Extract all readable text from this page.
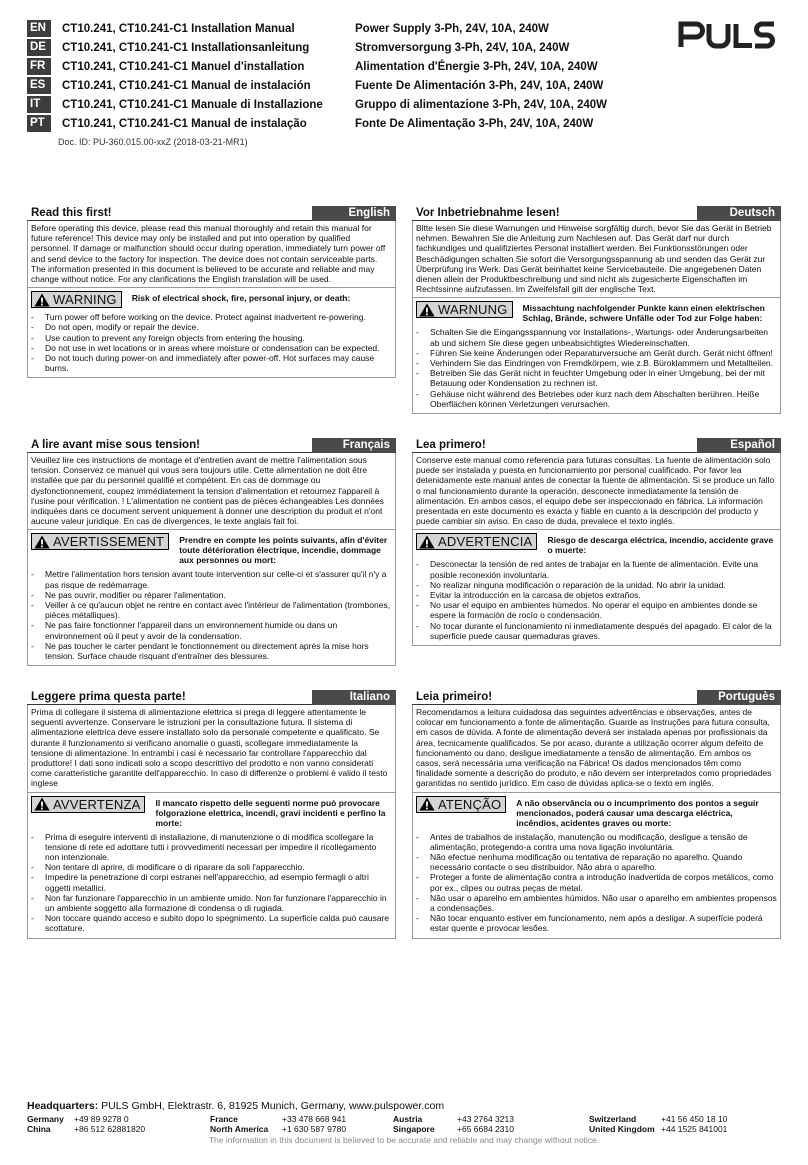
EN	CT10.241, CT10.241-C1 Installation Manual	Power Supply 3-Ph, 24V, 10A, 240W
DE	CT10.241, CT10.241-C1 Installationsanleitung	Stromversorgung 3-Ph, 24V, 10A, 240W
FR	CT10.241, CT10.241-C1 Manuel d'installation	Alimentation d'Énergie 3-Ph, 24V, 10A, 240W
ES	CT10.241, CT10.241-C1 Manual de instalación	Fuente De Alimentación 3-Ph, 24V, 10A, 240W
IT	CT10.241, CT10.241-C1 Manuale di Installazione	Gruppo di alimentazione 3-Ph, 24V, 10A, 240W
PT	CT10.241, CT10.241-C1 Manual de instalação	Fonte De Alimentação 3-Ph, 24V, 10A, 240W
Doc. ID: PU-360.015.00-xxZ (2018-03-21-MR1)
Read this first!	English
Before operating this device, please read this manual thoroughly and retain this manual for future reference! This device may only be installed and put into operation by qualified personnel. If damage or malfunction should occur during operation, immediately turn power off and send device to the factory for inspection. The device does not contain serviceable parts. The information presented in this document is believed to be accurate and reliable and may change without notice. For any clarifications the English translation will be used.
WARNING Risk of electrical shock, fire, personal injury, or death:
-	Turn power off before working on the device. Protect against inadvertent re-powering.
-	Do not open, modify or repair the device.
-	Use caution to prevent any foreign objects from entering the housing.
-	Do not use in wet locations or in areas where moisture or condensation can be expected.
-	Do not touch during power-on and immediately after power-off. Hot surfaces may cause burns.
Vor Inbetriebnahme lesen!	Deutsch
Bitte lesen Sie diese Warnungen und Hinweise sorgfältig durch, bevor Sie das Gerät in Betrieb nehmen. Bewahren Sie die Anleitung zum Nachlesen auf. Das Gerät darf nur durch fachkundiges und qualifiziertes Personal installiert werden. Bei Funktionsstörungen oder Beschädigungen schalten Sie sofort die Versorgungsspannung ab und senden das Gerät zur Überprüfung ins Werk. Das Gerät beinhaltet keine Servicebauteile. Die angegebenen Daten dienen allein der Produktbeschreibung und sind nicht als zugesicherte Eigenschaften im Rechtssinne aufzufassen. Im Zweifelsfall gilt der englische Text.
WARNUNG Missachtung nachfolgender Punkte kann einen elektrischen Schlag, Brände, schwere Unfälle oder Tod zur Folge haben:
-	Schalten Sie die Eingangsspannung vor Installations-, Wartungs- oder Änderungsarbeiten ab und sichern Sie diese gegen unbeabsichtigtes Wiedereinschalten.
-	Führen Sie keine Änderungen oder Reparaturversuche am Gerät durch. Gerät nicht öffnen!
-	Verhindern Sie das Eindringen von Fremdkörpern, wie z.B. Büroklammern und Metallteilen.
-	Betreiben Sie das Gerät nicht in feuchter Umgebung oder in einer Umgebung, bei der mit Betauung oder Kondensation zu rechnen ist.
-	Gehäuse nicht während des Betriebes oder kurz nach dem Abschalten berühren. Heiße Oberflächen können Verletzungen verursachen.
A lire avant mise sous tension!	Français
Veuillez lire ces instructions de montage et d'entretien avant de mettre l'alimentation sous tension. Conservez ce manuel qui vous sera toujours utile. Cette alimentation ne doit être installée que par du personnel qualifié et compétent. En cas de dommage ou dysfonctionnement, coupez immédiatement la tension d'alimentation et retournez l'appareil à l'usine pour vérification. ! L'alimentation ne contient pas de pièces échangeables Les données indiquées dans ce document servent uniquement à donner une description du produit et n'ont aucune valeur juridique. En cas de divergences, le texte anglais fait foi.
AVERTISSEMENT Prendre en compte les points suivants, afin d'éviter toute détérioration électrique, incendie, dommage aux personnes ou mort:
-	Mettre l'alimentation hors tension avant toute intervention sur celle-ci et s'assurer qu'il n'y a pas risque de redémarrage.
-	Ne pas ouvrir, modifier ou réparer l'alimentation.
-	Veiller à ce qu'aucun objet ne rentre en contact avec l'intérieur de l'alimentation (trombones, pièces métalliques).
-	Ne pas faire fonctionner l'appareil dans un environnement humide ou dans un environnement où il peut y avoir de la condensation.
-	Ne pas toucher le carter pendant le fonctionnement ou directement après la mise hors tension. Surface chaude risquant d'entraîner des blessures.
Lea primero!	Español
Conserve este manual como referencia para futuras consultas. La fuente de alimentación solo puede ser instalada y puesta en funcionamiento por personal cualificado. Por favor lea detenidamente este manual antes de conectar la fuente de alimentación. Si se produce un fallo o mal funcionamiento durante la operación, desconecte inmediatamente la tensión de alimentación. En ambos casos, el equipo debe ser inspeccionado en fábrica. La información presentada en este documento es exacta y fiable en cuanto a la descripción del producto y puede cambiar sin aviso. En caso de duda, prevalece el texto inglés.
ADVERTENCIA Riesgo de descarga eléctrica, incendio, accidente grave o muerte:
-	Desconectar la tensión de red antes de trabajar en la fuente de alimentación. Evite una posible reconexión involuntaria.
-	No realizar ninguna modificación o reparación de la unidad. No abrir la unidad.
-	Evitar la introducción en la carcasa de objetos extraños.
-	No usar el equipo en ambientes húmedos. No operar el equipo en ambientes donde se espere la formación de rocío o condensación.
-	No tocar durante el funcionamiento ni inmediatamente después del apagado. El calor de la superficie puede causar quemaduras graves.
Leggere prima questa parte!	Italiano
Prima di collegare il sistema di alimentazione elettrica si prega di leggere attentamente le seguenti avvertenze. Conservare le istruzioni per la consultazione futura. Il sistema di alimentazione elettrica deve essere installato solo da personale competente e qualificato. Se durante il funzionamento si verificano anomalie o guasti, scollegare immediatamente la tensione di alimentazione. In entrambi i casi è necessario far controllare l'apparecchio dal produttore! I dati sono indicati solo a scopo descrittivo del prodotto e non vanno considerati come caratteristiche garantite dell'apparecchio. In caso di differenze o problemi è valido il testo inglese
AVVERTENZA Il mancato rispetto delle seguenti norme può provocare folgorazione elettrica, incendi, gravi incidenti e perfino la morte:
-	Prima di eseguire interventi di installazione, di manutenzione o di modifica scollegare la tensione di rete ed adottare tutti i provvedimenti necessari per impedire il ricollegamento non intenzionale.
-	Non tentare di aprire, di modificare o di riparare da soli l'apparecchio.
-	Impedire la penetrazione di corpi estranei nell'apparecchio, ad esempio fermagli o altri oggetti metallici.
-	Non far funzionare l'apparecchio in un ambiente umido. Non far funzionare l'apparecchio in un ambiente soggetto alla formazione di condensa o di rugiada.
-	Non toccare quando acceso e subito dopo lo spegnimento. La superficie calda può causare scottature.
Leia primeiro!	Portuguès
Recomendamos a leitura cuidadosa das seguintes advertências e observações, antes de colocar em funcionamento a fonte de alimentação. Guarde as Instruções para futura consulta, em casos de dúvida. A fonte de alimentação deverá ser instalada apenas por profissionais da área, tecnicamente qualificados. Se por acaso, durante a utilização ocorrer algum defeito de funcionamento ou dano, desligue imediatamente a tensão de alimentação. Em ambos os casos, será necessária uma verificação na Fábrica! Os dados mencionados têm como finalidade somente a descrição do produto, e não devem ser interpretados como propriedades garantidas no sentido jurídico. Em caso de dúvidas aplica-se o texto em inglês.
ATENÇÃO A não observância ou o incumprimento dos pontos a seguir mencionados, poderá causar uma descarga eléctrica, incêndios, acidentes graves ou morte:
-	Antes de trabalhos de instalação, manutenção ou modificação, desligue a tensão de alimentação, protegendo-a contra uma nova ligação involuntária.
-	Não efectue nenhuma modificação ou tentativa de reparação no aparelho. Quando necessário contacte o seu distribuidor. Não abra o aparelho.
-	Proteger a fonte de alimentação contra a introdução inadvertida de corpos metálicos, como por ex., clipes ou outras peças de metal.
-	Não usar o aparelho em ambientes húmidos. Não usar o aparelho em ambientes propensos a condensações.
-	Não tocar enquanto estiver em funcionamento, nem após a desligar. A superfície poderá estar quente e provocar lesões.
Headquarters: PULS GmbH, Elektrastr. 6, 81925 Munich, Germany, www.pulspower.com
Germany	+49 89 9278 0	France	+33 478 668 941	Austria	+43 2764 3213	Switzerland	+41 56 450 18 10
China	+86 512 62881820	North America	+1 630 587 9780	Singapore	+65 6684 2310	United Kingdom +44 1525 841001
The information in this document is believed to be accurate and reliable and may change without notice.
